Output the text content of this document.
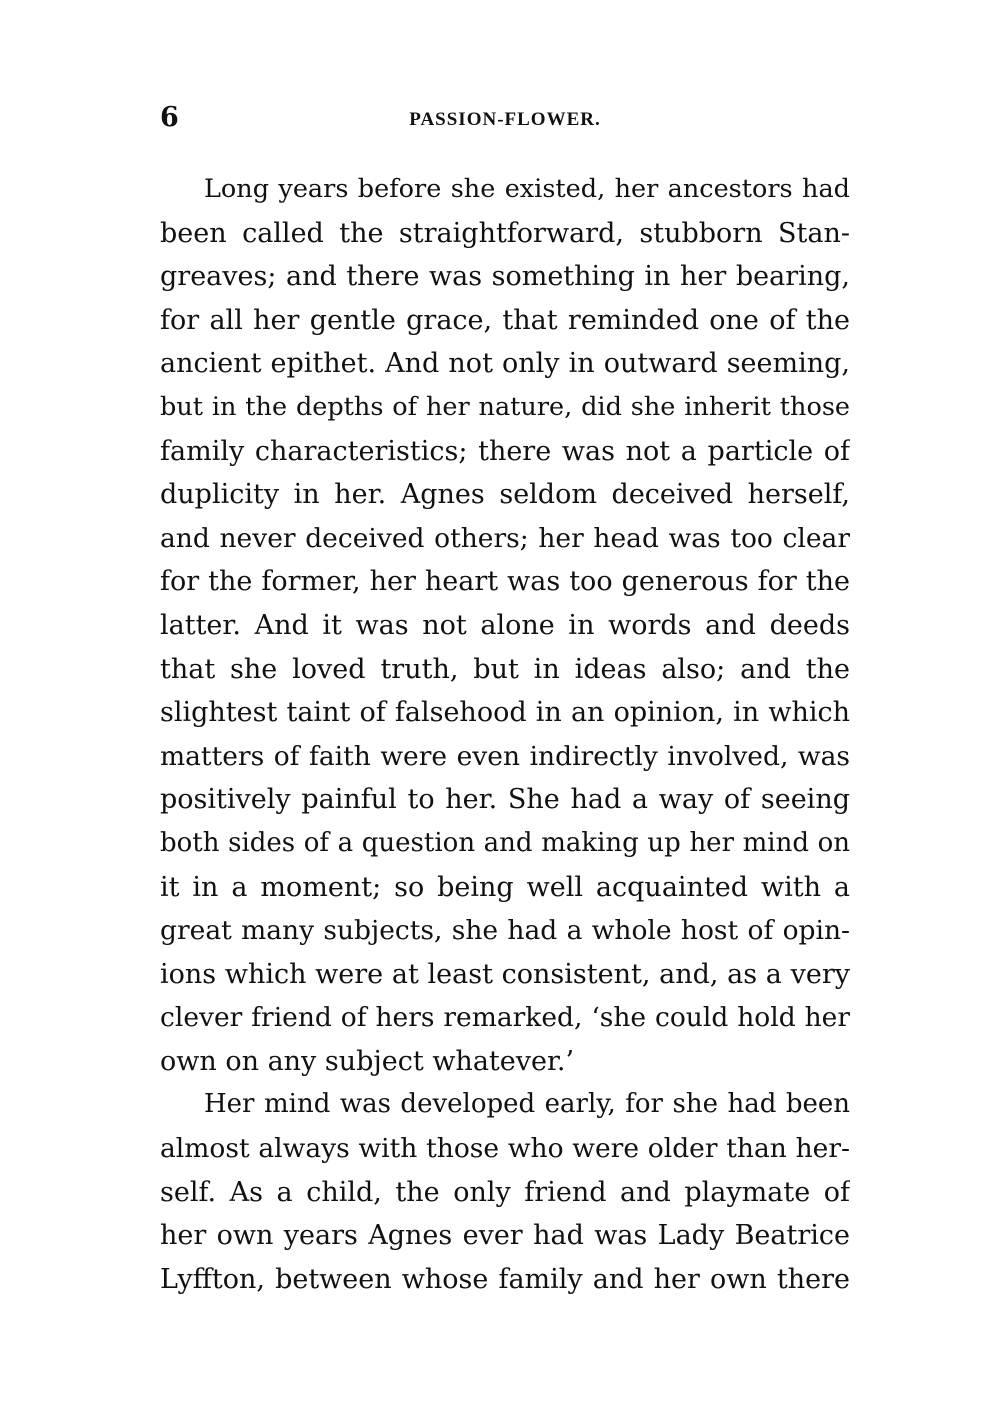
6	PASSION-FLOWER.
Long years before she existed, her ancestors had
been called the straightforward, stubborn Stan-
greaves; and there was something in her bearing,
for all her gentle grace, that reminded one of the
ancient epithet. And not only in outward seeming,
but in the depths of her nature, did she inherit those
family characteristics; there was not a particle of
duplicity in her. Agnes seldom deceived herself,
and never deceived others; her head was too clear
for the former, her heart was too generous for the
latter. And it was not alone in words and deeds
that she loved truth, but in ideas also; and the
slightest taint of falsehood in an opinion, in which
matters of faith were even indirectly involved, was
positively painful to her. She had a way of seeing
both sides of a question and making up her mind on
it in a moment; so being well acquainted with a
great many subjects, she had a whole host of opin-
ions which were at least consistent, and, as a very
clever friend of hers remarked, ‘she could hold her
own on any subject whatever.’
Her mind was developed early, for she had been
almost always with those who were older than her-
self. As a child, the only friend and playmate of
her own years Agnes ever had was Lady Beatrice
Lyffton, between whose family and her own there
